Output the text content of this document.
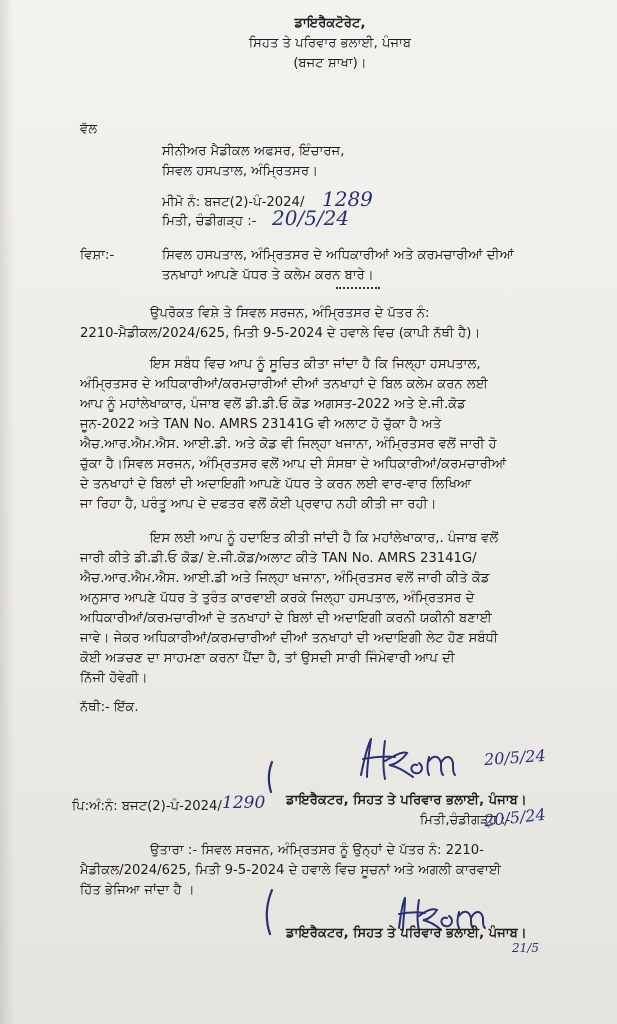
ਡਾਇਰੈਕਟੋਰੇਟ,
ਸਿਹਤ ਤੇ ਪਰਿਵਾਰ ਭਲਾਈ, ਪੰਜਾਬ
(ਬਜਟ ਸ਼ਾਖਾ)।
ਵੱਲ
ਸੀਨੀਅਰ ਮੈਡੀਕਲ ਅਫਸਰ, ਇੰਚਾਰਜ,
ਸਿਵਲ ਹਸਪਤਾਲ, ਅੰਮ੍ਰਿਤਸਰ।
ਮੀਮੋ ਨੰ: ਬਜਟ(2)-ਪੰ-2024/ 1289
ਮਿਤੀ, ਚੰਡੀਗੜ੍ਹ :- 20/5/24
ਵਿਸ਼ਾ:-	ਸਿਵਲ ਹਸਪਤਾਲ, ਅੰਮ੍ਰਿਤਸਰ ਦੇ ਅਧਿਕਾਰੀਆਂ ਅਤੇ ਕਰਮਚਾਰੀਆਂ ਦੀਆਂ
ਤਨਖਾਹਾਂ ਆਪਣੇ ਪੱਧਰ ਤੇ ਕਲੇਮ ਕਰਨ ਬਾਰੇ।
ਉਪਰੋਕਤ ਵਿਸ਼ੇ ਤੇ ਸਿਵਲ ਸਰਜਨ, ਅੰਮ੍ਰਿਤਸਰ ਦੇ ਪੱਤਰ ਨੰ:
2210-ਮੈਡੀਕਲ/2024/625, ਮਿਤੀ 9-5-2024 ਦੇ ਹਵਾਲੇ ਵਿਚ (ਕਾਪੀ ਨੱਥੀ ਹੈ)।
ਇਸ ਸਬੰਧ ਵਿਚ ਆਪ ਨੂੰ ਸੂਚਿਤ ਕੀਤਾ ਜਾਂਦਾ ਹੈ ਕਿ ਜਿਲ੍ਹਾ ਹਸਪਤਾਲ,
ਅੰਮ੍ਰਿਤਸਰ ਦੇ ਅਧਿਕਾਰੀਆਂ/ਕਰਮਚਾਰੀਆਂ ਦੀਆਂ ਤਨਖਾਹਾਂ ਦੇ ਬਿਲ ਕਲੇਮ ਕਰਨ ਲਈ
ਆਪ ਨੂੰ ਮਹਾਂਲੇਖਾਕਾਰ, ਪੰਜਾਬ ਵਲੋਂ ਡੀ.ਡੀ.ਓ ਕੋਡ ਅਗਸਤ-2022 ਅਤੇ ਏ.ਜੀ.ਕੋਡ
ਜੂਨ-2022 ਅਤੇ TAN No. AMRS 23141G ਵੀ ਅਲਾਟ ਹੋ ਚੁੱਕਾ ਹੈ ਅਤੇ
ਐਚ.ਆਰ.ਐਮ.ਐਸ. ਆਈ.ਡੀ. ਅਤੇ ਕੋਡ ਵੀ ਜਿਲ੍ਹਾ ਖਜਾਨਾ, ਅੰਮ੍ਰਿਤਸਰ ਵਲੋਂ ਜਾਰੀ ਹੋ
ਚੁੱਕਾ ਹੈ।ਸਿਵਲ ਸਰਜਨ, ਅੰਮ੍ਰਿਤਸਰ ਵਲੋਂ ਆਪ ਦੀ ਸੰਸਥਾ ਦੇ ਅਧਿਕਾਰੀਆਂ/ਕਰਮਚਾਰੀਆਂ
ਦੇ ਤਨਖਾਹਾਂ ਦੇ ਬਿਲਾਂ ਦੀ ਅਦਾਇਗੀ ਆਪਣੇ ਪੱਧਰ ਤੇ ਕਰਨ ਲਈ ਵਾਰ-ਵਾਰ ਲਿਖਿਆ
ਜਾ ਰਿਹਾ ਹੈ, ਪਰੰਤੂ ਆਪ ਦੇ ਦਫਤਰ ਵਲੋਂ ਕੋਈ ਪ੍ਰਵਾਹ ਨਹੀ ਕੀਤੀ ਜਾ ਰਹੀ।
ਇਸ ਲਈ ਆਪ ਨੂੰ ਹਦਾਇਤ ਕੀਤੀ ਜਾਂਦੀ ਹੈ ਕਿ ਮਹਾਂਲੇਖਾਕਾਰ,. ਪੰਜਾਬ ਵਲੋਂ
ਜਾਰੀ ਕੀਤੇ ਡੀ.ਡੀ.ਓ ਕੋਡ/ ਏ.ਜੀ.ਕੋਡ/ਅਲਾਟ ਕੀਤੇ TAN No. AMRS 23141G/
ਐਚ.ਆਰ.ਐਮ.ਐਸ. ਆਈ.ਡੀ ਅਤੇ ਜਿਲ੍ਹਾ ਖਜਾਨਾ, ਅੰਮ੍ਰਿਤਸਰ ਵਲੋਂ ਜਾਰੀ ਕੀਤੇ ਕੋਡ
ਅਨੁਸਾਰ ਆਪਣੇ ਪੱਧਰ ਤੇ ਤੁਰੰਤ ਕਾਰਵਾਈ ਕਰਕੇ ਜਿਲ੍ਹਾ ਹਸਪਤਾਲ, ਅੰਮ੍ਰਿਤਸਰ ਦੇ
ਅਧਿਕਾਰੀਆਂ/ਕਰਮਚਾਰੀਆਂ ਦੇ ਤਨਖਾਹਾਂ ਦੇ ਬਿਲਾਂ ਦੀ ਅਦਾਇਗੀ ਕਰਨੀ ਯਕੀਨੀ ਬਣਾਈ
ਜਾਵੇ। ਜੇਕਰ ਅਧਿਕਾਰੀਆਂ/ਕਰਮਚਾਰੀਆਂ ਦੀਆਂ ਤਨਖਾਹਾਂ ਦੀ ਅਦਾਇਗੀ ਲੇਟ ਹੋਣ ਸਬੰਧੀ
ਕੋਈ ਅੜਚਣ ਦਾ ਸਾਹਮਣਾ ਕਰਨਾ ਪੈਂਦਾ ਹੈ, ਤਾਂ ਉਸਦੀ ਸਾਰੀ ਜਿੰਮੇਵਾਰੀ ਆਪ ਦੀ
ਨਿੱਜੀ ਹੋਵੇਗੀ।
ਨੱਥੀ:- ਇੱਕ.
20/5/24
ਡਾਇਰੈਕਟਰ, ਸਿਹਤ ਤੇ ਪਰਿਵਾਰ ਭਲਾਈ, ਪੰਜਾਬ।
ਮਿਤੀ,ਚੰਡੀਗੜ੍ਹ :-
20/5/24
ਪਿ:ਅੰ:ਨੰ: ਬਜਟ(2)-ਪੰ-2024/ 1290
ਉਤਾਰਾ :- ਸਿਵਲ ਸਰਜਨ, ਅੰਮ੍ਰਿਤਸਰ ਨੂੰ ਉਨ੍ਹਾਂ ਦੇ ਪੱਤਰ ਨੰ: 2210-
ਮੈਡੀਕਲ/2024/625, ਮਿਤੀ 9-5-2024 ਦੇ ਹਵਾਲੇ ਵਿਚ ਸੂਚਨਾਂ ਅਤੇ ਅਗਲੀ ਕਾਰਵਾਈ
ਹਿੱਤ ਭੇਜਿਆ ਜਾਂਦਾ ਹੈ ।
ਡਾਇਰੈਕਟਰ, ਸਿਹਤ ਤੇ ਪਰਿਵਾਰ ਭਲਾਈ, ਪੰਜਾਬ।
21/5
